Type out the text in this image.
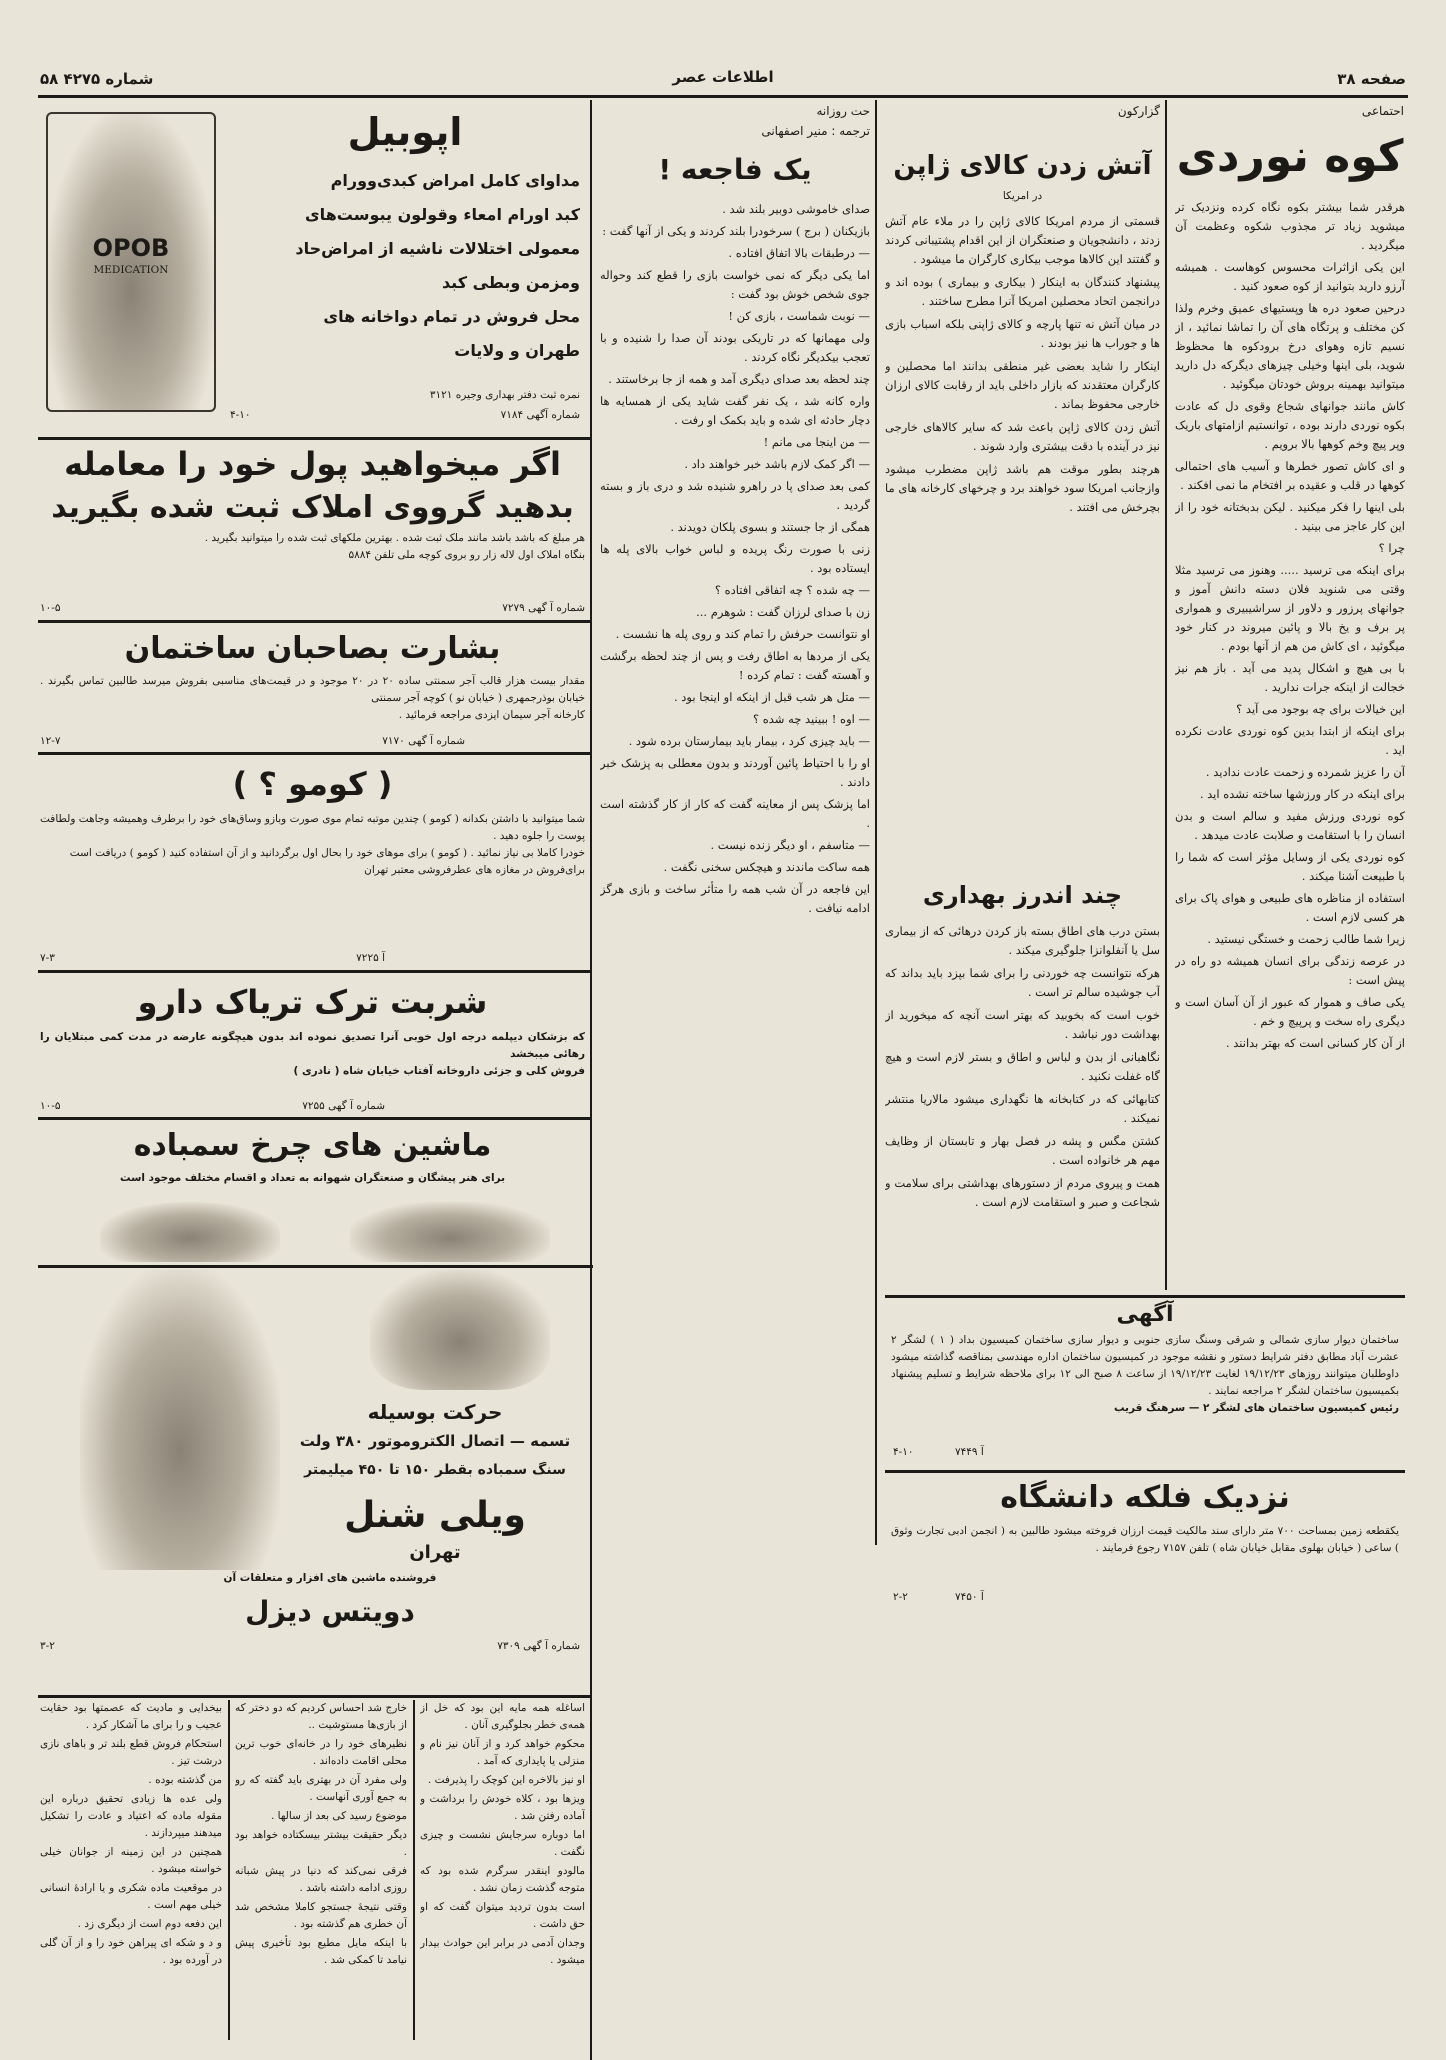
صفحه ۳۸
اطلاعات عصر
شماره ۴۲۷۵ ۵۸
احتماعی
کوه نوردی

هرقدر شما بیشتر بکوه نگاه کرده ونزدیک تر میشوید زیاد تر مجذوب شکوه وعظمت آن میگردید .

این یکی ازاثرات محسوس کوهاست . همیشه آرزو دارید بتوانید از کوه صعود کنید .

درحین صعود دره ها وپستیهای عمیق وخرم ولذا کن مختلف و پرتگاه های آن را تماشا نمائید ، از نسیم تازه وهوای درخ برودکوه ها محظوظ شوید، بلی اینها وخیلی چیزهای دیگرکه دل دارید میتوانید بهمینه بروش خودتان میگوئید .

کاش مانند جوانهای شجاع وقوی دل که عادت بکوه نوردی دارند بوده ، توانستیم ازامتهای باریک وپر پیچ وخم کوهها بالا برویم .

و ای کاش تصور خطرها و آسیب های احتمالی کوهها در قلب و عقیده بر افتخام ما نمی افکند .

بلی اینها را فکر میکنید . لیکن بدبختانه خود را از این کار عاجز می بینید .

چرا ؟

برای اینکه می ترسید ..... وهنوز می ترسید مثلا وقتی می شنوید فلان دسته دانش آموز و جوانهای پرزور و دلاور از سراشیبیری و همواری پر برف و یخ بالا و پائین میروند در کنار خود میگوئید ، ای کاش من هم از آنها بودم .

با بی هیچ و اشکال پدید می آید . باز هم نیز خجالت از اینکه جرات ندارید .

این خیالات برای چه بوجود می آید ؟

برای اینکه از ابتدا بدین کوه نوردی عادت نکرده اید .

آن را عزیز شمرده و زحمت عادت ندادید .

برای اینکه در کار ورزشها ساخته نشده اید .

کوه نوردی ورزش مفید و سالم است و بدن انسان را با استقامت و صلابت عادت میدهد .

کوه نوردی یکی از وسایل مؤثر است که شما را با طبیعت آشنا میکند .

استفاده از مناظره های طبیعی و هوای پاک برای هر کسی لازم است .

زیرا شما طالب زحمت و خستگی نیستید .

در عرصه زندگی برای انسان همیشه دو راه در پیش است :

یکی صاف و هموار که عبور از آن آسان است و دیگری راه سخت و پرپیچ و خم .

از آن کار کسانی است که بهتر بدانند .

گزارکون
آتش زدن کالای ژاپن
در امریکا

قسمتی از مردم امریکا کالای ژاپن را در ملاء عام آتش زدند ، دانشجویان و صنعتگران از این اقدام پشتیبانی کردند و گفتند این کالاها موجب بیکاری کارگران ما میشود .

پیشنهاد کنندگان به اینکار ( بیکاری و بیماری ) بوده اند و درانجمن اتحاد محصلین امریکا آنرا مطرح ساختند .

در میان آتش نه تنها پارچه و کالای ژاپنی بلکه اسباب بازی ها و جوراب ها نیز بودند .

اینکار را شاید بعضی غیر منطقی بدانند اما محصلین و کارگران معتقدند که بازار داخلی باید از رقابت کالای ارزان خارجی محفوظ بماند .

آتش زدن کالای ژاپن باعث شد که سایر کالاهای خارجی نیز در آینده با دقت بیشتری وارد شوند .

هرچند بطور موقت هم باشد ژاپن مضطرب میشود وازجانب امریکا سود خواهند برد و چرخهای کارخانه های ما بچرخش می افتند .

چند اندرز بهداری

بستن درب های اطاق بسته باز کردن درهائی که از بیماری سل یا آنفلوانزا جلوگیری میکند .

هرکه نتوانست چه خوردنی را برای شما بپزد باید بداند که آب جوشیده سالم تر است .

خوب است که بخوبید که بهتر است آنچه که میخورید از بهداشت دور نباشد .

نگاهبانی از بدن و لباس و اطاق و بستر لازم است و هیچ گاه غفلت نکنید .

کتابهائی که در کتابخانه ها نگهداری میشود مالاریا منتشر نمیکند .

کشتن مگس و پشه در فصل بهار و تابستان از وظایف مهم هر خانواده است .

همت و پیروی مردم از دستورهای بهداشتی برای سلامت و شجاعت و صبر و استقامت لازم است .

آگهی
ساختمان دیوار سازی شمالی و شرقی وسنگ سازی جنوبی و دیوار سازی ساختمان کمیسیون بداد ( ۱ ) لشگر ۲ عشرت آباد مطابق دفتر شرایط دستور و نقشه موجود در کمیسیون ساختمان اداره مهندسی بمناقصه گذاشته میشود داوطلبان میتوانند روزهای ۱۹/۱۲/۲۳ لغایت ۱۹/۱۲/۲۳ از ساعت ۸ صبح الی ۱۲ برای ملاحظه شرایط و تسلیم پیشنهاد بکمیسیون ساختمان لشگر ۲ مراجعه نمایند .
رئیس کمیسیون ساختمان های لشگر ۲ — سرهنگ قریب
آ ۷۴۴۹
۴-۱۰
نزدیک فلکه دانشگاه
یکقطعه زمین بمساحت ۷۰۰ متر دارای سند مالکیت قیمت ارزان فروخته میشود طالبین به ( انجمن ادبی تجارت وثوق ) ساعی ( خیابان بهلوی مقابل خیابان شاه ) تلفن ۷۱۵۷ رجوع فرمایند .
آ ۷۴۵۰
۲-۲
حت روزانه
ترجمه : منیر اصفهانی
یک فاجعه !

صدای خاموشی دوبیر بلند شد .

بازیکنان ( برج ) سرخودرا بلند کردند و یکی از آنها گفت :

— درطبقات بالا اتفاق افتاده .

اما یکی دیگر که نمی خواست بازی را قطع کند وحواله جوی شخص خوش بود گفت :

— نوبت شماست ، بازی کن !

ولی مهمانها که در تاریکی بودند آن صدا را شنیده و با تعجب بیکدیگر نگاه کردند .

چند لحظه بعد صدای دیگری آمد و همه از جا برخاستند .

واره کانه شد ، یک نفر گفت شاید یکی از همسایه ها دچار حادثه ای شده و باید بکمک او رفت .

— من اینجا می مانم !

— اگر کمک لازم باشد خبر خواهند داد .

کمی بعد صدای پا در راهرو شنیده شد و دری باز و بسته گردید .

همگی از جا جستند و بسوی پلکان دویدند .

زنی با صورت رنگ پریده و لباس خواب بالای پله ها ایستاده بود .

— چه شده ؟ چه اتفاقی افتاده ؟

زن با صدای لرزان گفت : شوهرم ...

او نتوانست حرفش را تمام کند و روی پله ها نشست .

یکی از مردها به اطاق رفت و پس از چند لحظه برگشت و آهسته گفت : تمام کرده !

— متل هر شب قبل از اینکه او اینجا بود .

— اوه ! ببینید چه شده ؟

— باید چیزی کرد ، بیمار باید بیمارستان برده شود .

او را با احتیاط پائین آوردند و بدون معطلی به پزشک خبر دادند .

اما پزشک پس از معاینه گفت که کار از کار گذشته است .

— متاسفم ، او دیگر زنده نیست .

همه ساکت ماندند و هیچکس سخنی نگفت .

این فاجعه در آن شب همه را متأثر ساخت و بازی هرگز ادامه نیافت .

OPOB
MEDICATION
اپوبیل
مداوای کامل امراض کبدی‌وورام
کبد اورام امعاء وقولون یبوست‌های
معمولی اختلالات ناشیه از امراض‌حاد
ومزمن وبطی کبد
محل فروش در تمام دواخانه های
طهران و ولایات
نمره ثبت دفتر بهداری وجیره ۳۱۲۱
شماره آگهی ۷۱۸۴
۴-۱۰
اگر میخواهید پول خود را معامله
بدهید گرووی املاک ثبت شده بگیرید
هر مبلغ که باشد باشد مانند ملک ثبت شده . بهترین ملکهای ثبت شده را میتوانید بگیرید .
بنگاه املاک اول لاله زار رو بروی کوچه ملی تلفن ۵۸۸۴
شماره آ گهی ۷۲۷۹
۱۰-۵
بشارت بصاحبان ساختمان
مقدار بیست هزار قالب آجر سمنتی ساده ۲۰ در ۲۰ موجود و در قیمت‌های مناسبی بفروش میرسد طالبین تماس بگیرند . خیابان بوذرجمهری ( خیابان نو ) کوچه آجر سمنتی
کارخانه آجر سیمان ایزدی مراجعه فرمائید .
شماره آ گهی ۷۱۷۰
۱۲-۷
( کومو ؟ )
شما میتوانید با داشتن بکدانه ( کومو ) چندین موتبه تمام موی صورت وبازو وساق‌های خود را برطرف وهمیشه وجاهت ولطافت پوست را جلوه دهید .
خودرا کاملا بی نیاز نمائید . ( کومو ) برای موهای خود را بحال اول برگردانید و از آن استفاده کنید ( کومو ) دریافت است
برای‌فروش در مغازه های عطرفروشی معتبر تهران
آ ۷۲۲۵
۷-۳
شربت ترک تریاک دارو
که بزشکان دیپلمه درجه اول خوبی آنرا تصدیق نموده اند بدون هیچگونه عارضه در مدت کمی مبتلایان را رهائی میبخشد
فروش کلی و جزئی داروخانه آفتاب خیابان شاه ( نادری )
شماره آ گهی ۷۲۵۵
۱۰-۵
ماشین های چرخ سمباده
برای هنر پیشگان و صنعتگران شهوانه به تعداد و اقسام مختلف موجود است
حرکت بوسیله
تسمه — اتصال الکتروموتور ۳۸۰ ولت
سنگ سمباده بقطر ۱۵۰ تا ۴۵۰ میلیمتر
ویلی شنل
تهران
فروشنده ماشین های افزار و متعلقات آن
دویتس دیزل
شماره آ گهی ۷۳۰۹
۳-۲

اساغله همه مایه این بود که خل از همه‌ی خطر بجلوگیری آنان .

محکوم خواهد کرد و از آنان نیز نام و منزلی یا پایداری که آمد .

او نیز بالاخره این کوچک را پذیرفت .

ویزها بود ، کلاه خودش را برداشت و آماده رفتن شد .

اما دوباره سرجایش نشست و چیزی نگفت .

مالودو اینقدر سرگرم شده بود که متوجه گذشت زمان نشد .

است بدون تردید میتوان گفت که او حق داشت .

وجدان آدمی در برابر این حوادث بیدار میشود .

خارج شد احساس کردیم که دو دختر که از بازی‌ها مستوشیت ..

نظیرهای خود را در خانه‌ای خوب ترین محلی اقامت داده‌اند .

ولی مفرد آن در بهتری باید گفته که رو به جمع آوری آنهاست .

موضوع رسید کی بعد از سالها .

دیگر حقیقت بیشتر بیسکتاده خواهد بود .

فرقی نمی‌کند که دنیا در پیش شبانه روزی ادامه داشته باشد .

وقتی نتیجهٔ جستجو کاملا مشخص شد آن خطری هم گذشته بود .

با اینکه مایل مطیع بود تأخیری پیش نیامد تا کمکی شد .

بیخدایی و مادیت که عصمتها بود حقایت عجیب و را برای ما آشکار کرد .

استحکام فروش قطع بلند تر و باهای نازی درشت تیز .

من گذشته بوده .

ولی عده ها زیادی تحقیق درباره این مقوله ماده که اعتیاد و عادت را تشکیل میدهند میپردازند .

همچنین در این زمینه از جوانان خیلی خواسته میشود .

در موقعیت ماده شکری و یا ارادهٔ انسانی خیلی مهم است .

این دفعه دوم است از دیگری زد .

و د و شکه ای پیراهن خود را و از آن گلی در آورده بود .
